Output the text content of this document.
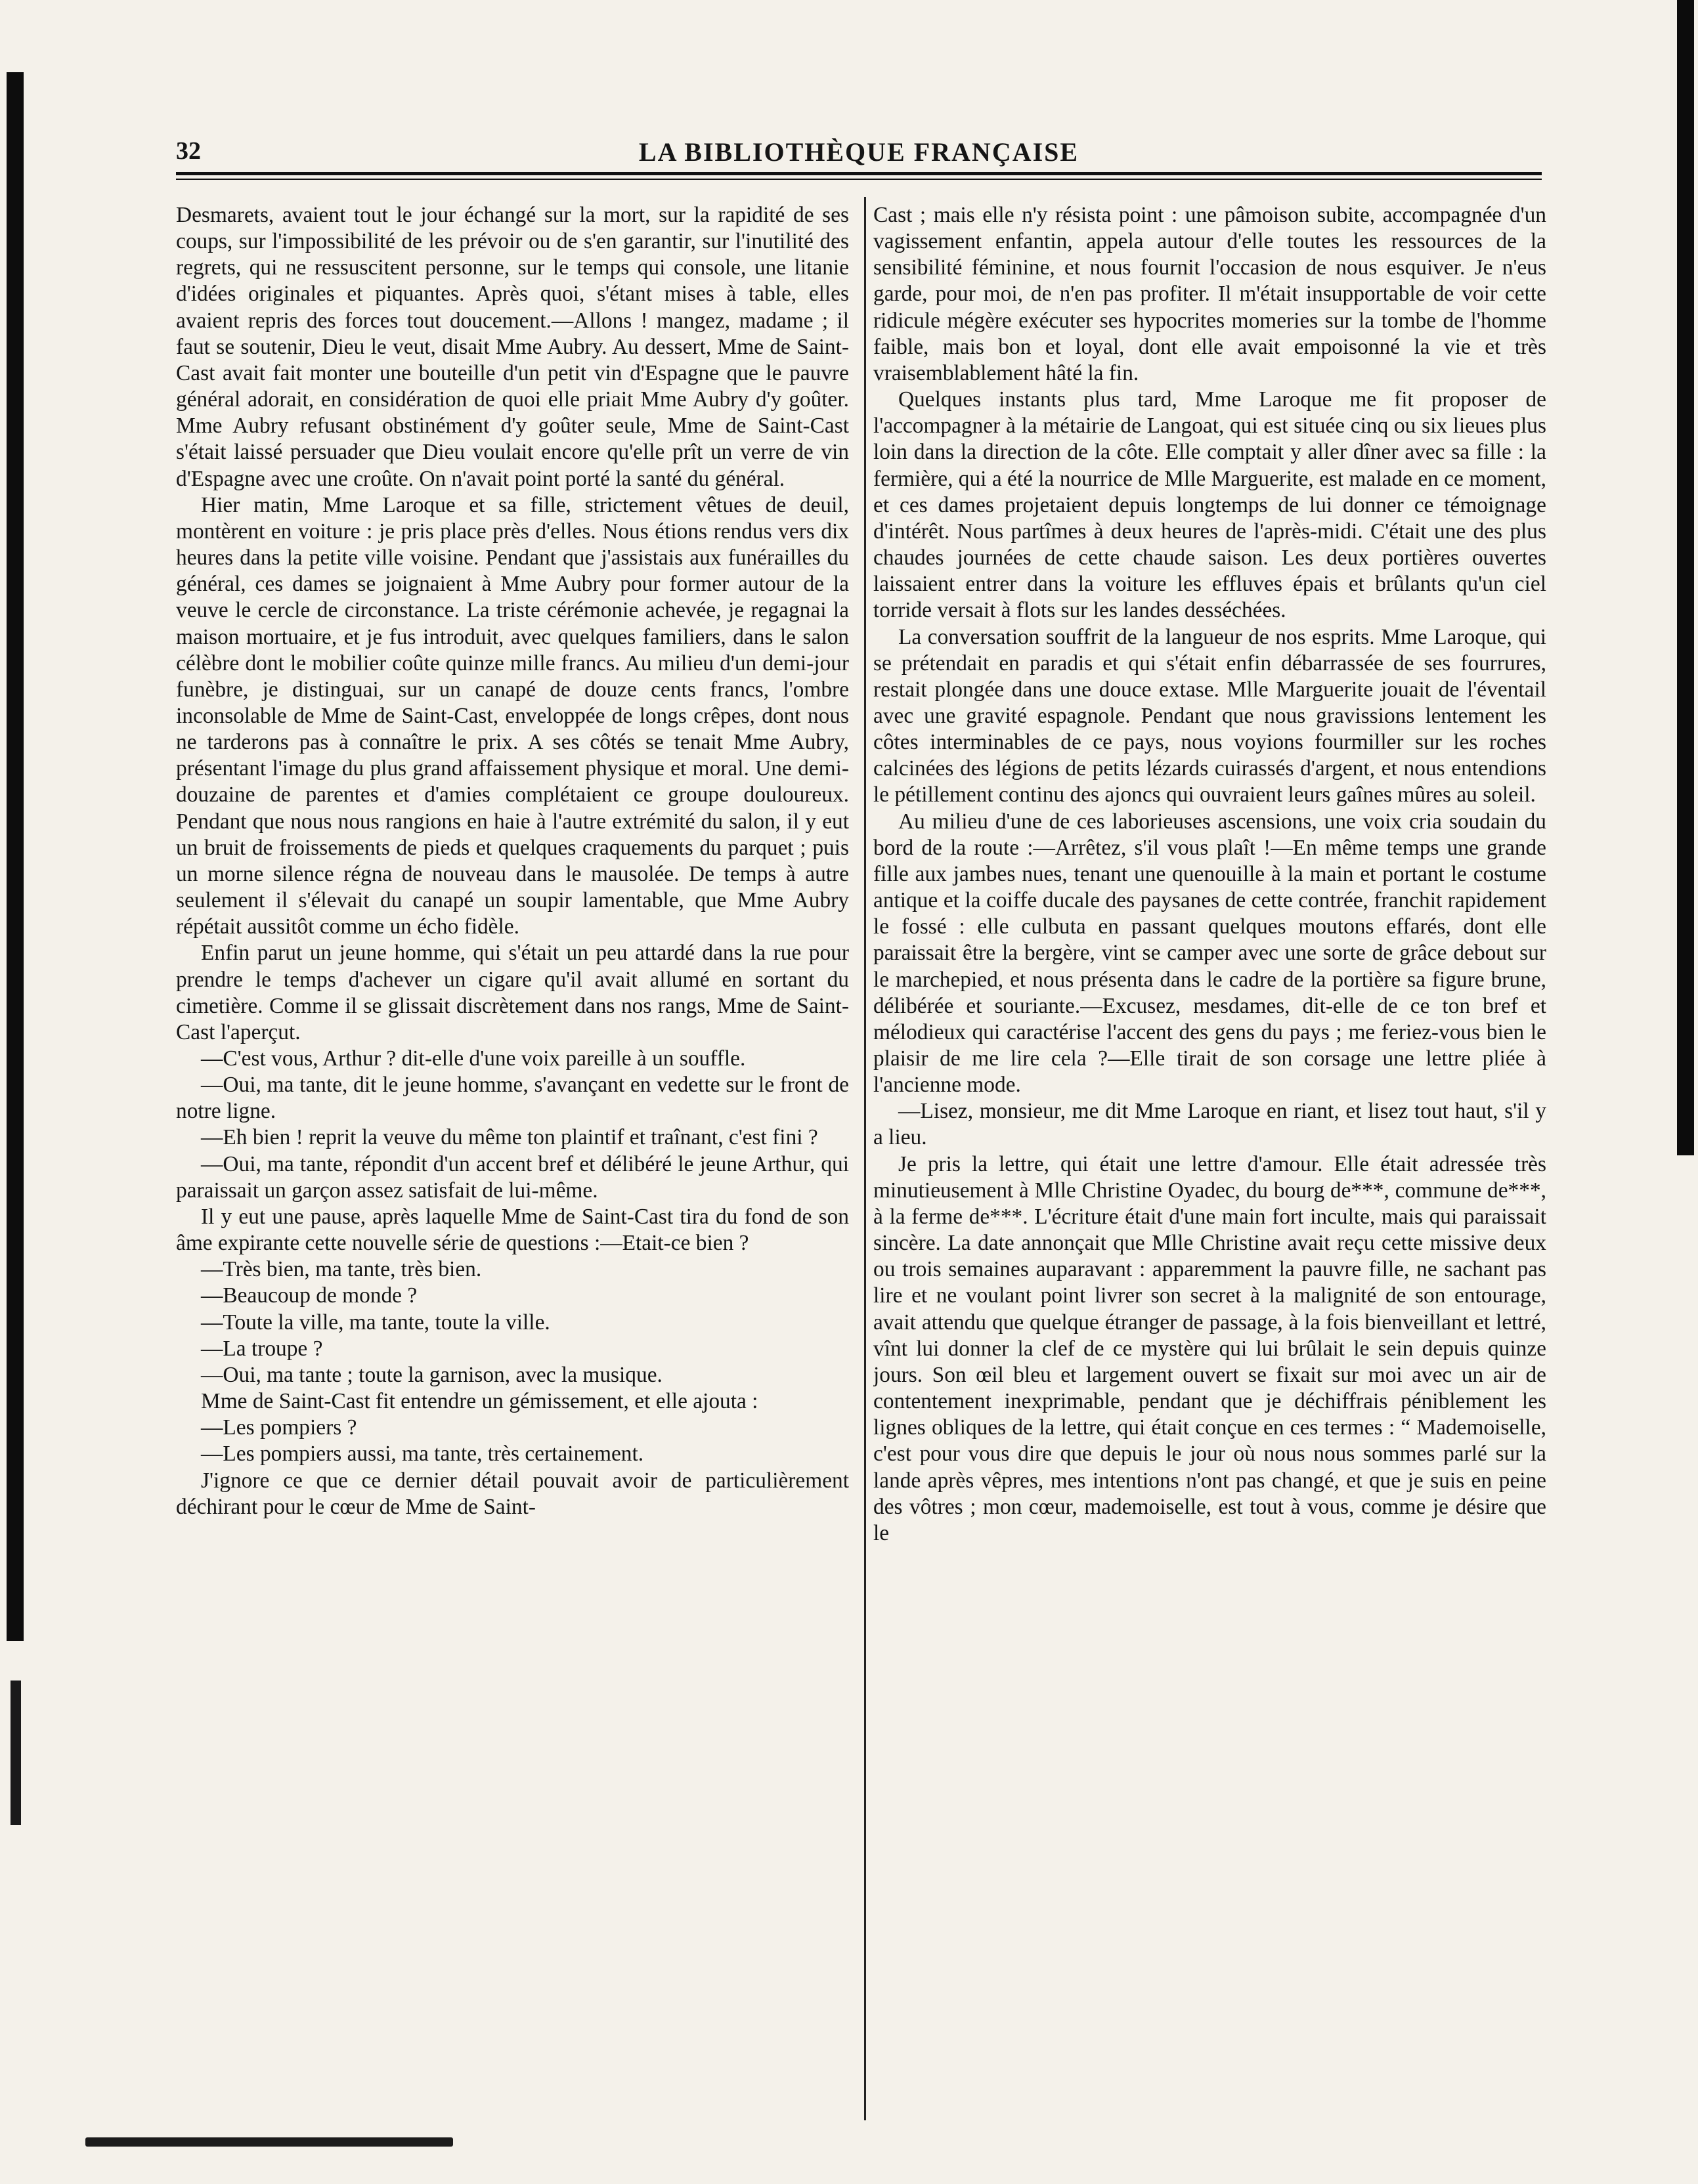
32	LA BIBLIOTHÈQUE FRANÇAISE

Desmarets, avaient tout le jour échangé sur la mort, sur la rapidité de ses coups, sur l'impossibilité de les prévoir ou de s'en garantir, sur l'inutilité des regrets, qui ne ressuscitent personne, sur le temps qui console, une litanie d'idées originales et piquantes. Après quoi, s'étant mises à table, elles avaient repris des forces tout doucement.—Allons ! mangez, madame ; il faut se soutenir, Dieu le veut, disait Mme Aubry. Au dessert, Mme de Saint-Cast avait fait monter une bouteille d'un petit vin d'Espagne que le pauvre général adorait, en considération de quoi elle priait Mme Aubry d'y goûter. Mme Aubry refusant obstinément d'y goûter seule, Mme de Saint-Cast s'était laissé persuader que Dieu voulait encore qu'elle prît un verre de vin d'Espagne avec une croûte. On n'avait point porté la santé du général.

Hier matin, Mme Laroque et sa fille, strictement vêtues de deuil, montèrent en voiture : je pris place près d'elles. Nous étions rendus vers dix heures dans la petite ville voisine. Pendant que j'assistais aux funérailles du général, ces dames se joignaient à Mme Aubry pour former autour de la veuve le cercle de circonstance. La triste cérémonie achevée, je regagnai la maison mortuaire, et je fus introduit, avec quelques familiers, dans le salon célèbre dont le mobilier coûte quinze mille francs. Au milieu d'un demi-jour funèbre, je distinguai, sur un canapé de douze cents francs, l'ombre inconsolable de Mme de Saint-Cast, enveloppée de longs crêpes, dont nous ne tarderons pas à connaître le prix. A ses côtés se tenait Mme Aubry, présentant l'image du plus grand affaissement physique et moral. Une demi-douzaine de parentes et d'amies complétaient ce groupe douloureux. Pendant que nous nous rangions en haie à l'autre extrémité du salon, il y eut un bruit de froissements de pieds et quelques craquements du parquet ; puis un morne silence régna de nouveau dans le mausolée. De temps à autre seulement il s'élevait du canapé un soupir lamentable, que Mme Aubry répétait aussitôt comme un écho fidèle.

Enfin parut un jeune homme, qui s'était un peu attardé dans la rue pour prendre le temps d'achever un cigare qu'il avait allumé en sortant du cimetière. Comme il se glissait discrètement dans nos rangs, Mme de Saint-Cast l'aperçut.

—C'est vous, Arthur ? dit-elle d'une voix pareille à un souffle.

—Oui, ma tante, dit le jeune homme, s'avançant en vedette sur le front de notre ligne.

—Eh bien ! reprit la veuve du même ton plaintif et traînant, c'est fini ?

—Oui, ma tante, répondit d'un accent bref et délibéré le jeune Arthur, qui paraissait un garçon assez satisfait de lui-même.

Il y eut une pause, après laquelle Mme de Saint-Cast tira du fond de son âme expirante cette nouvelle série de questions :—Etait-ce bien ?

—Très bien, ma tante, très bien.

—Beaucoup de monde ?

—Toute la ville, ma tante, toute la ville.

—La troupe ?

—Oui, ma tante ; toute la garnison, avec la musique.

Mme de Saint-Cast fit entendre un gémissement, et elle ajouta :

—Les pompiers ?

—Les pompiers aussi, ma tante, très certainement.

J'ignore ce que ce dernier détail pouvait avoir de particulièrement déchirant pour le cœur de Mme de Saint-

Cast ; mais elle n'y résista point : une pâmoison subite, accompagnée d'un vagissement enfantin, appela autour d'elle toutes les ressources de la sensibilité féminine, et nous fournit l'occasion de nous esquiver. Je n'eus garde, pour moi, de n'en pas profiter. Il m'était insupportable de voir cette ridicule mégère exécuter ses hypocrites momeries sur la tombe de l'homme faible, mais bon et loyal, dont elle avait empoisonné la vie et très vraisemblablement hâté la fin.

Quelques instants plus tard, Mme Laroque me fit proposer de l'accompagner à la métairie de Langoat, qui est située cinq ou six lieues plus loin dans la direction de la côte. Elle comptait y aller dîner avec sa fille : la fermière, qui a été la nourrice de Mlle Marguerite, est malade en ce moment, et ces dames projetaient depuis longtemps de lui donner ce témoignage d'intérêt. Nous partîmes à deux heures de l'après-midi. C'était une des plus chaudes journées de cette chaude saison. Les deux portières ouvertes laissaient entrer dans la voiture les effluves épais et brûlants qu'un ciel torride versait à flots sur les landes desséchées.

La conversation souffrit de la langueur de nos esprits. Mme Laroque, qui se prétendait en paradis et qui s'était enfin débarrassée de ses fourrures, restait plongée dans une douce extase. Mlle Marguerite jouait de l'éventail avec une gravité espagnole. Pendant que nous gravissions lentement les côtes interminables de ce pays, nous voyions fourmiller sur les roches calcinées des légions de petits lézards cuirassés d'argent, et nous entendions le pétillement continu des ajoncs qui ouvraient leurs gaînes mûres au soleil.

Au milieu d'une de ces laborieuses ascensions, une voix cria soudain du bord de la route :—Arrêtez, s'il vous plaît !—En même temps une grande fille aux jambes nues, tenant une quenouille à la main et portant le costume antique et la coiffe ducale des paysanes de cette contrée, franchit rapidement le fossé : elle culbuta en passant quelques moutons effarés, dont elle paraissait être la bergère, vint se camper avec une sorte de grâce debout sur le marchepied, et nous présenta dans le cadre de la portière sa figure brune, délibérée et souriante.—Excusez, mesdames, dit-elle de ce ton bref et mélodieux qui caractérise l'accent des gens du pays ; me feriez-vous bien le plaisir de me lire cela ?—Elle tirait de son corsage une lettre pliée à l'ancienne mode.

—Lisez, monsieur, me dit Mme Laroque en riant, et lisez tout haut, s'il y a lieu.

Je pris la lettre, qui était une lettre d'amour. Elle était adressée très minutieusement à Mlle Christine Oyadec, du bourg de***, commune de***, à la ferme de***. L'écriture était d'une main fort inculte, mais qui paraissait sincère. La date annonçait que Mlle Christine avait reçu cette missive deux ou trois semaines auparavant : apparemment la pauvre fille, ne sachant pas lire et ne voulant point livrer son secret à la malignité de son entourage, avait attendu que quelque étranger de passage, à la fois bienveillant et lettré, vînt lui donner la clef de ce mystère qui lui brûlait le sein depuis quinze jours. Son œil bleu et largement ouvert se fixait sur moi avec un air de contentement inexprimable, pendant que je déchiffrais péniblement les lignes obliques de la lettre, qui était conçue en ces termes : “ Mademoiselle, c'est pour vous dire que depuis le jour où nous nous sommes parlé sur la lande après vêpres, mes intentions n'ont pas changé, et que je suis en peine des vôtres ; mon cœur, mademoiselle, est tout à vous, comme je désire que le
